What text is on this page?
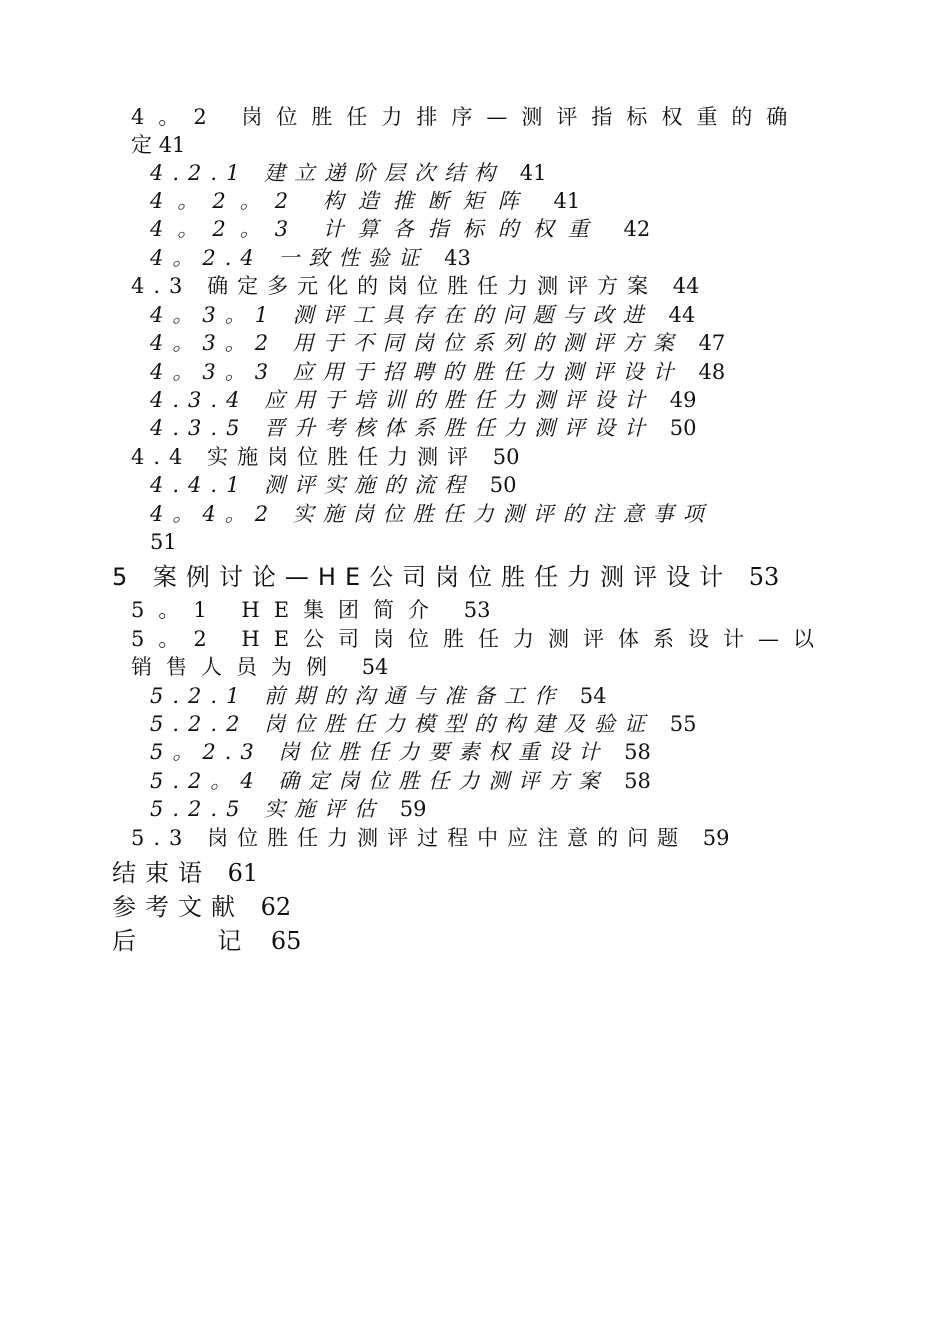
4。2 岗位胜任力排序—测评指标权重的确
定 41
4.2.1 建立递阶层次结构 41
4。2。2 构造推断矩阵 41
4。2。3 计算各指标的权重 42
4。2.4 一致性验证 43
4.3 确定多元化的岗位胜任力测评方案 44
4。3。1 测评工具存在的问题与改进 44
4。3。2 用于不同岗位系列的测评方案 47
4。3。3 应用于招聘的胜任力测评设计 48
4.3.4 应用于培训的胜任力测评设计 49
4.3.5 晋升考核体系胜任力测评设计 50
4.4 实施岗位胜任力测评 50
4.4.1 测评实施的流程 50
4。4。2 实施岗位胜任力测评的注意事项
51
5 案例讨论—HE公司岗位胜任力测评设计 53
5。1 HE集团简介 53
5。2 HE公司岗位胜任力测评体系设计—以
销售人员为例 54
5.2.1 前期的沟通与准备工作 54
5.2.2 岗位胜任力模型的构建及验证 55
5。2.3 岗位胜任力要素权重设计 58
5.2。4 确定岗位胜任力测评方案 58
5.2.5 实施评估 59
5.3 岗位胜任力测评过程中应注意的问题 59
结束语 61
参考文献 62
后  记 65
